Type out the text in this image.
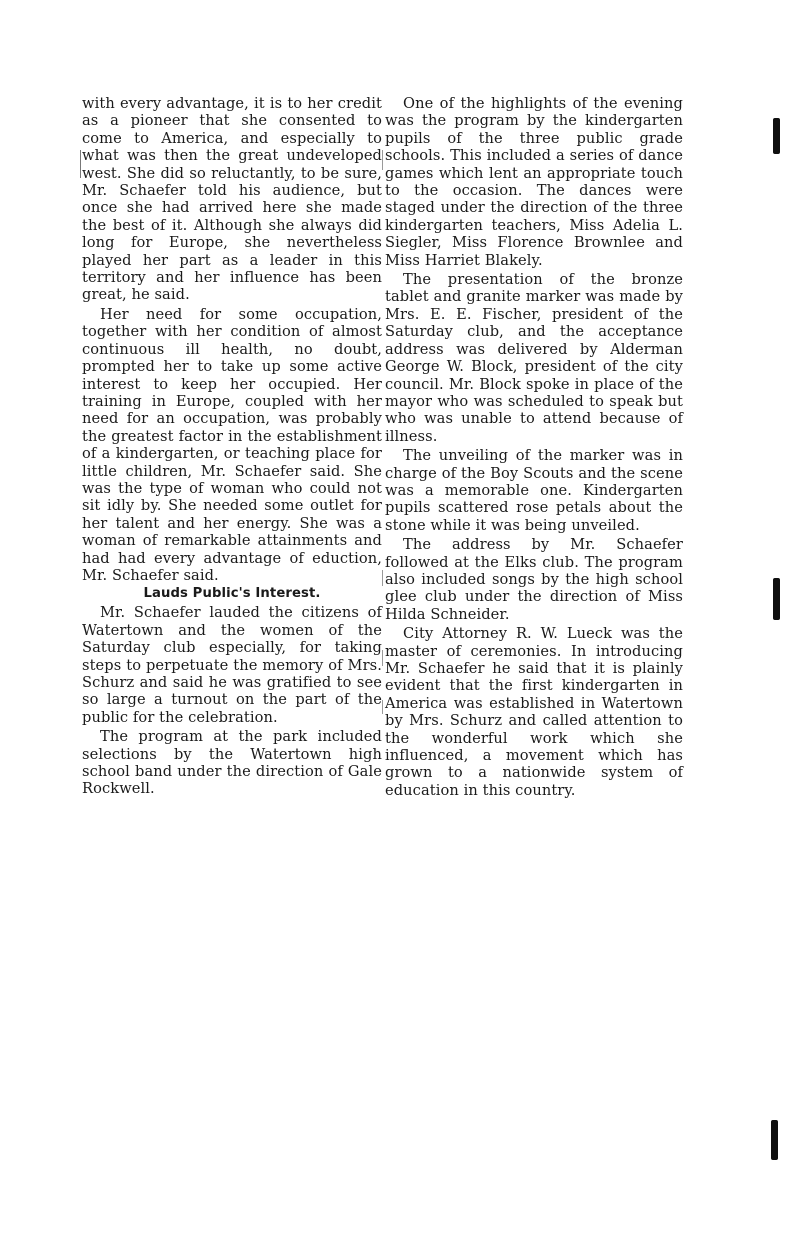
with every advantage, it is to her credit as a pioneer that she consented to come to America, and especially to what was then the great undeveloped west. She did so reluctantly, to be sure, Mr. Schaefer told his audience, but once she had arrived here she made the best of it. Although she always did long for Europe, she nevertheless played her part as a leader in this territory and her influence has been great, he said.

Her need for some occupation, together with her condition of almost continuous ill health, no doubt, prompted her to take up some active interest to keep her occupied. Her training in Europe, coupled with her need for an occupation, was probably the greatest factor in the establishment of a kindergarten, or teaching place for little children, Mr. Schaefer said. She was the type of woman who could not sit idly by. She needed some outlet for her talent and her energy. She was a woman of remarkable attainments and had had every advantage of eduction, Mr. Schaefer said.

Lauds Public's Interest.

Mr. Schaefer lauded the citizens of Watertown and the women of the Saturday club especially, for taking steps to perpetuate the memory of Mrs. Schurz and said he was gratified to see so large a turnout on the part of the public for the celebration.

The program at the park included selections by the Watertown high school band under the direction of Gale Rockwell.

One of the highlights of the evening was the program by the kindergarten pupils of the three public grade schools. This included a series of dance games which lent an appropriate touch to the occasion. The dances were staged under the direction of the three kindergarten teachers, Miss Adelia L. Siegler, Miss Florence Brownlee and Miss Harriet Blakely.

The presentation of the bronze tablet and granite marker was made by Mrs. E. E. Fischer, president of the Saturday club, and the acceptance address was delivered by Alderman George W. Block, president of the city council. Mr. Block spoke in place of the mayor who was scheduled to speak but who was unable to attend because of illness.

The unveiling of the marker was in charge of the Boy Scouts and the scene was a memorable one. Kindergarten pupils scattered rose petals about the stone while it was being unveiled.

The address by Mr. Schaefer followed at the Elks club. The program also included songs by the high school glee club under the direction of Miss Hilda Schneider.

City Attorney R. W. Lueck was the master of ceremonies. In introducing Mr. Schaefer he said that it is plainly evident that the first kindergarten in America was established in Watertown by Mrs. Schurz and called attention to the wonderful work which she influenced, a movement which has grown to a nationwide system of education in this country.
